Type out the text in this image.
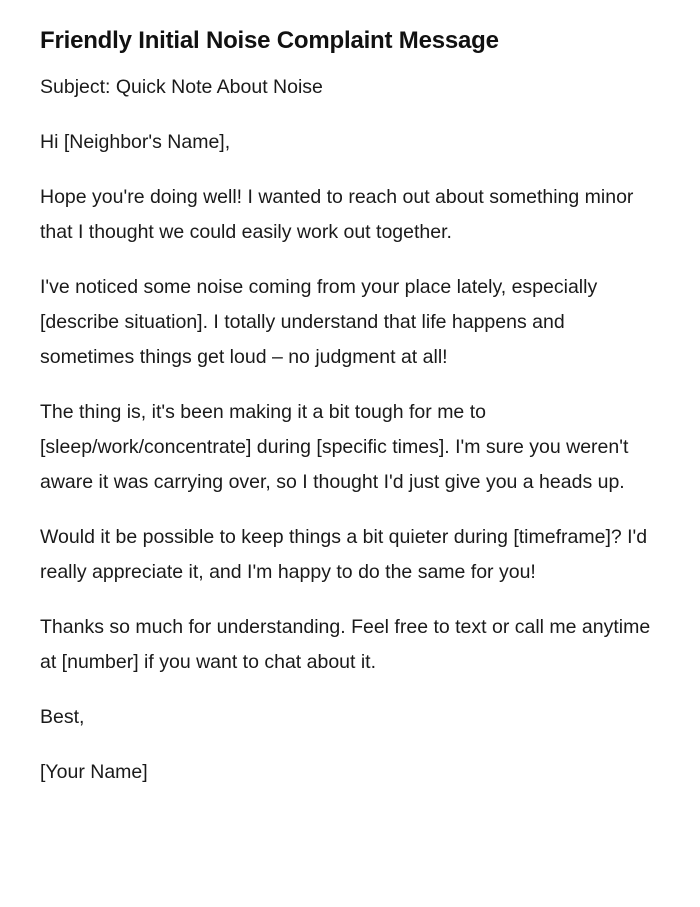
Friendly Initial Noise Complaint Message

Subject: Quick Note About Noise

Hi [Neighbor's Name],

Hope you're doing well! I wanted to reach out about something minor that I thought we could easily work out together.

I've noticed some noise coming from your place lately, especially [describe situation]. I totally understand that life happens and sometimes things get loud – no judgment at all!

The thing is, it's been making it a bit tough for me to [sleep/work/concentrate] during [specific times]. I'm sure you weren't aware it was carrying over, so I thought I'd just give you a heads up.

Would it be possible to keep things a bit quieter during [timeframe]? I'd really appreciate it, and I'm happy to do the same for you!

Thanks so much for understanding. Feel free to text or call me anytime at [number] if you want to chat about it.

Best,

[Your Name]
